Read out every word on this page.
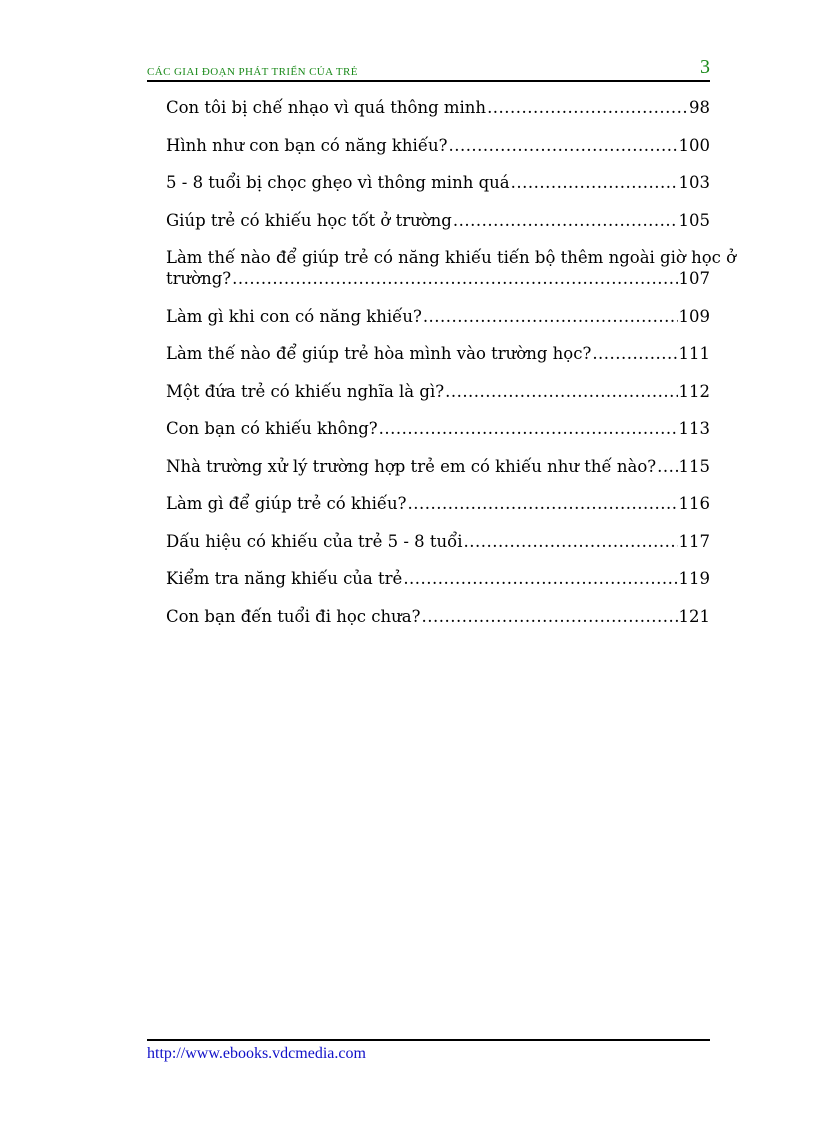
CÁC GIAI ĐOẠN PHÁT TRIỂN CỦA TRẺ	3
Con tôi bị chế nhạo vì quá thông minh .....	98
Hình như con bạn có năng khiếu? .....	100
5 - 8 tuổi bị chọc ghẹo vì thông minh quá .....	103
Giúp trẻ có khiếu học tốt ở trường .....	105
Làm thế nào để giúp trẻ có năng khiếu tiến bộ thêm ngoài giờ học ở
trường? .....	107
Làm gì khi con có năng khiếu? .....	109
Làm thế nào để giúp trẻ hòa mình vào trường học? .....	111
Một đứa trẻ có khiếu nghĩa là gì? .....	112
Con bạn có khiếu không? .....	113
Nhà trường xử lý trường hợp trẻ em có khiếu như thế nào? ..... 115
Làm gì để giúp trẻ có khiếu? .....	116
Dấu hiệu có khiếu của trẻ 5 - 8 tuổi .....	117
Kiểm tra năng khiếu của trẻ .....	119
Con bạn đến tuổi đi học chưa? .....	121
http://www.ebooks.vdcmedia.com
